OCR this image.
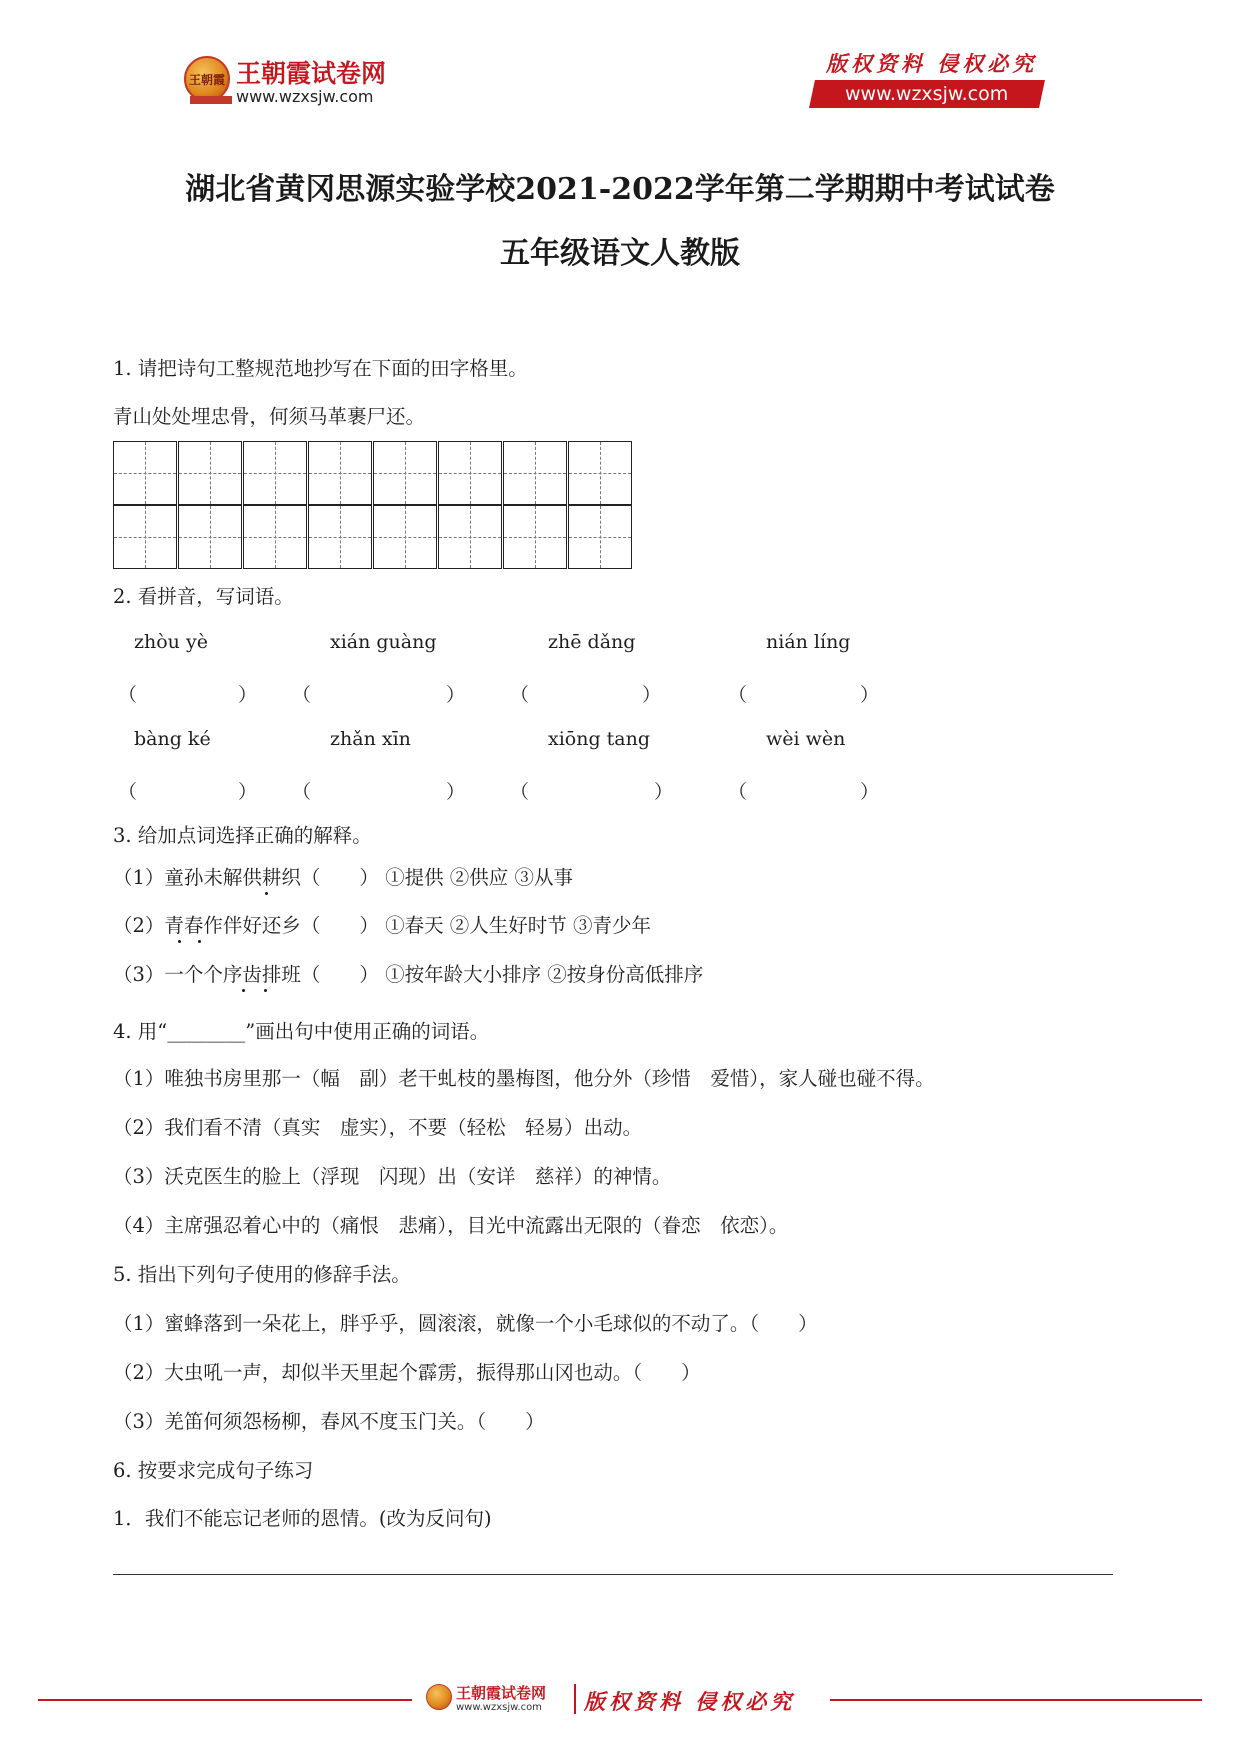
王朝霞 王朝霞试卷网
www.wzxsjw.com
版权资料 侵权必究
www.wzxsjw.com
湖北省黄冈思源实验学校2021-2022学年第二学期期中考试试卷
五年级语文人教版
1. 请把诗句工整规范地抄写在下面的田字格里。
青山处处埋忠骨，何须马革裹尸还。
2. 看拼音，写词语。
zhòu yè	xián guàng	zhē dǎng	nián líng
（	） （	） （	）	（	）
bàng ké	zhǎn xīn	xiōng tang	wèi wèn
（	） （	） （	）	（	）
3. 给加点词选择正确的解释。
（1）童孙未解供耕织（　　） ①提供 ②供应 ③从事
（2）青春作伴好还乡（　　） ①春天 ②人生好时节 ③青少年
（3）一个个序齿排班（　　） ①按年龄大小排序 ②按身份高低排序
4. 用“________”画出句中使用正确的词语。
（1）唯独书房里那一（幅　副）老干虬枝的墨梅图，他分外（珍惜　爱惜），家人碰也碰不得。
（2）我们看不清（真实　虚实），不要（轻松　轻易）出动。
（3）沃克医生的脸上（浮现　闪现）出（安详　慈祥）的神情。
（4）主席强忍着心中的（痛恨　悲痛），目光中流露出无限的（眷恋　依恋）。
5. 指出下列句子使用的修辞手法。
（1）蜜蜂落到一朵花上，胖乎乎，圆滚滚，就像一个小毛球似的不动了。（　　）
（2）大虫吼一声，却似半天里起个霹雳，振得那山冈也动。（　　）
（3）羌笛何须怨杨柳，春风不度玉门关。（　　）
6. 按要求完成句子练习
1．我们不能忘记老师的恩情。(改为反问句)
王朝霞试卷网
www.wzxsjw.com 版权资料 侵权必究
